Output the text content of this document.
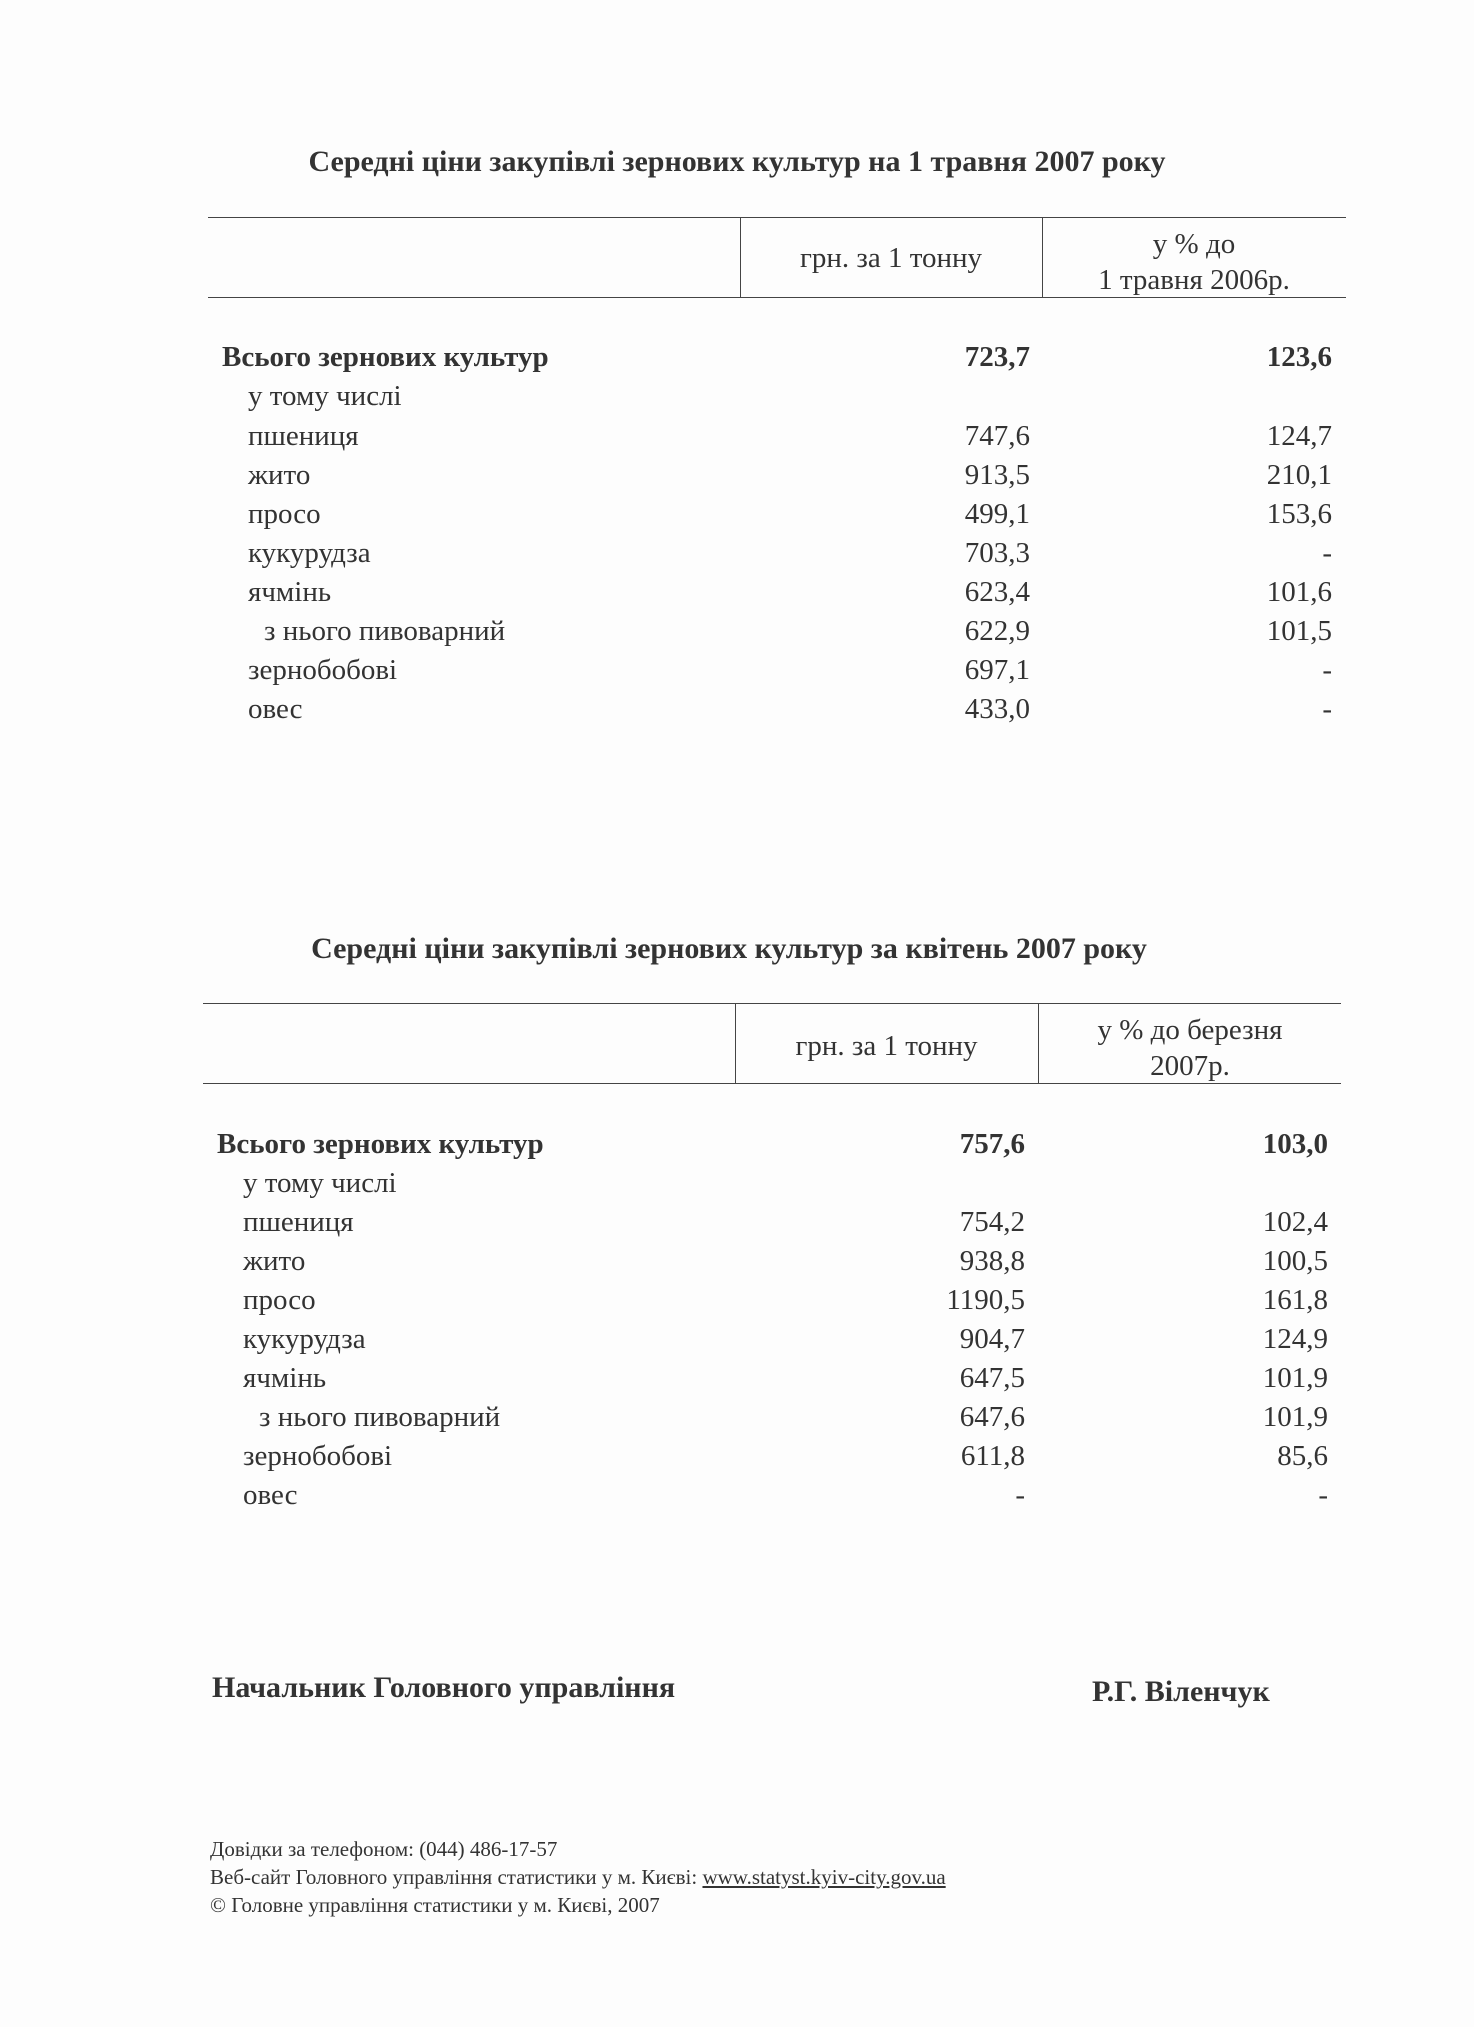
Середні ціни закупівлі зернових культур на 1 травня 2007 року
грн. за 1 тонну	у % до
1 травня 2006р.
Всього зернових культур	723,7	123,6
у тому числі
пшениця	747,6	124,7
жито	913,5	210,1
просо	499,1	153,6
кукурудза	703,3	-
ячмінь	623,4	101,6
з нього пивоварний	622,9	101,5
зернобобові	697,1	-
овес	433,0	-
Середні ціни закупівлі зернових культур за квітень 2007 року
грн. за 1 тонну	у % до березня
2007р.
Всього зернових культур	757,6	103,0
у тому числі
пшениця	754,2	102,4
жито	938,8	100,5
просо	1190,5	161,8
кукурудза	904,7	124,9
ячмінь	647,5	101,9
з нього пивоварний	647,6	101,9
зернобобові	611,8	85,6
овес	-	-
Начальник Головного управління	Р.Г. Віленчук
Довідки за телефоном: (044) 486-17-57
Веб-сайт Головного управління статистики у м. Києві: www.statyst.kyiv-city.gov.ua
© Головне управління статистики у м. Києві, 2007
